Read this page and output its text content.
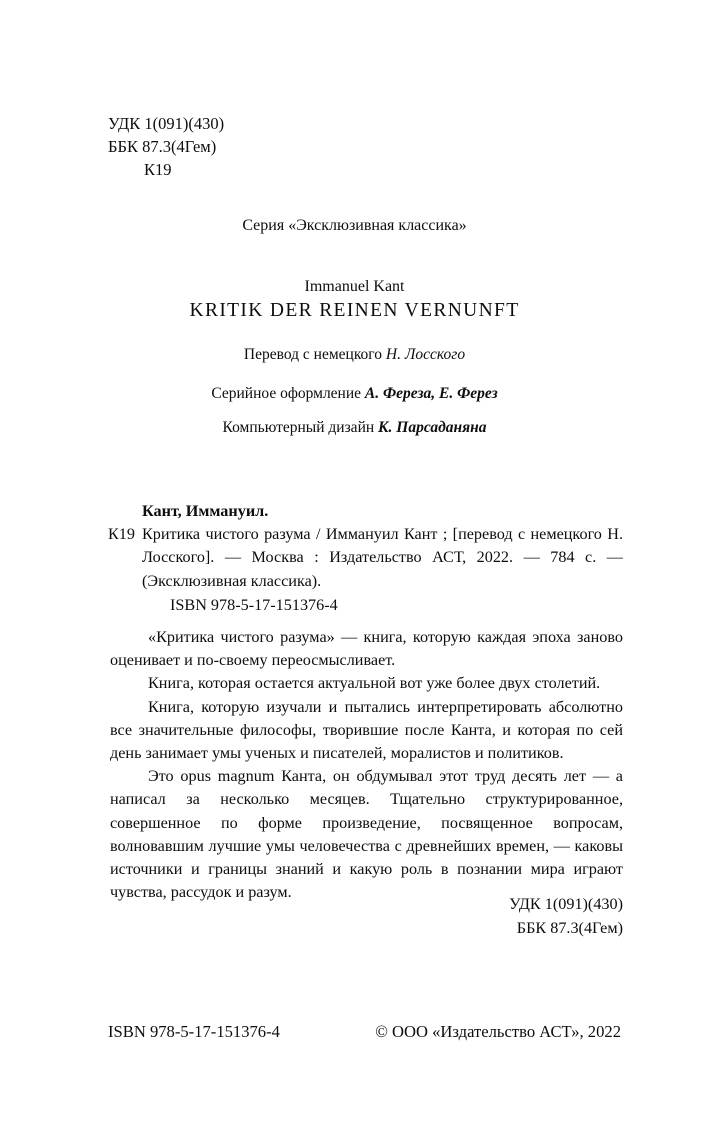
УДК 1(091)(430)
ББК 87.3(4Гем)

К19
Серия «Эксклюзивная классика»
Immanuel Kant
KRITIK DER REINEN VERNUNFT
Перевод с немецкого Н. Лосского
Серийное оформление А. Фереза, Е. Ферез
Компьютерный дизайн К. Парсаданяна
Кант, Иммануил.
К19 Критика чистого разума / Иммануил Кант ; [перевод с немецкого Н. Лосского]. — Москва : Издательство АСТ, 2022. — 784 с. — (Эксклюзивная классика).
ISBN 978-5-17-151376-4

«Критика чистого разума» — книга, которую каждая эпоха заново оценивает и по-своему переосмысливает.

Книга, которая остается актуальной вот уже более двух столетий.

Книга, которую изучали и пытались интерпретировать абсолютно все значительные философы, творившие после Канта, и которая по сей день занимает умы ученых и писателей, моралистов и политиков.

Это opus magnum Канта, он обдумывал этот труд десять лет — а написал за несколько месяцев. Тщательно структурированное, совершенное по форме произведение, посвященное вопросам, волновавшим лучшие умы человечества с древнейших времен, — каковы источники и границы знаний и какую роль в познании мира играют чувства, рассудок и разум.

УДК 1(091)(430)
ББК 87.3(4Гем)
ISBN 978-5-17-151376-4	© ООО «Издательство АСТ», 2022
